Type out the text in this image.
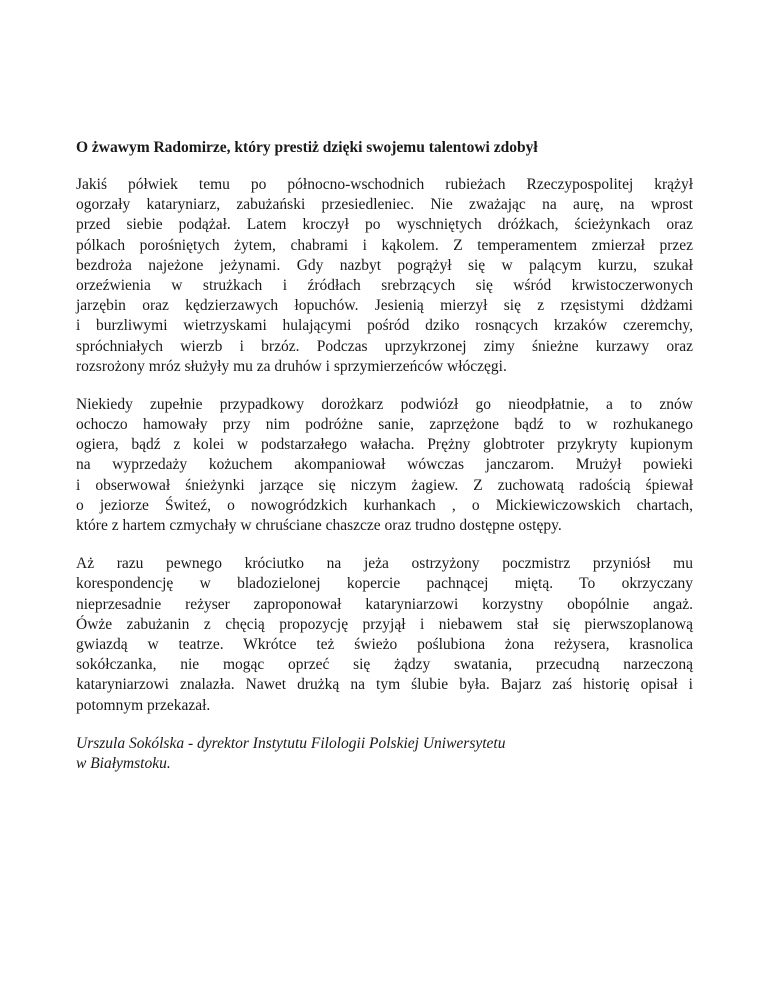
O żwawym Radomirze, który prestiż dzięki swojemu talentowi zdobył
Jakiś półwiek temu po północno-wschodnich rubieżach Rzeczypospolitej krążył
ogorzały kataryniarz, zabużański przesiedleniec. Nie zważając na aurę, na wprost
przed siebie podążał. Latem kroczył po wyschniętych dróżkach, ścieżynkach oraz
pólkach porośniętych żytem, chabrami i kąkolem. Z temperamentem zmierzał przez
bezdroża najeżone jeżynami. Gdy nazbyt pogrążył się w palącym kurzu, szukał
orzeźwienia w strużkach i źródłach srebrzących się wśród krwistoczerwonych
jarzębin oraz kędzierzawych łopuchów. Jesienią mierzył się z rzęsistymi dżdżami
i burzliwymi wietrzyskami hulającymi pośród dziko rosnących krzaków czeremchy,
spróchniałych wierzb i brzóz. Podczas uprzykrzonej zimy śnieżne kurzawy oraz
rozsrożony mróz służyły mu za druhów i sprzymierzeńców włóczęgi.
Niekiedy zupełnie przypadkowy dorożkarz podwiózł go nieodpłatnie, a to znów
ochoczo hamowały przy nim podróżne sanie, zaprzężone bądź to w rozhukanego
ogiera, bądź z kolei w podstarzałego wałacha. Prężny globtroter przykryty kupionym
na wyprzedaży kożuchem akompaniował wówczas janczarom. Mrużył powieki
i obserwował śnieżynki jarzące się niczym żagiew. Z zuchowatą radością śpiewał
o jeziorze Świteź, o nowogródzkich kurhankach , o Mickiewiczowskich chartach,
które z hartem czmychały w chruściane chaszcze oraz trudno dostępne ostępy.
Aż razu pewnego króciutko na jeża ostrzyżony poczmistrz przyniósł mu
korespondencję w bladozielonej kopercie pachnącej miętą. To okrzyczany
nieprzesadnie reżyser zaproponował kataryniarzowi korzystny obopólnie angaż.
Ówże zabużanin z chęcią propozycję przyjął i niebawem stał się pierwszoplanową
gwiazdą w teatrze. Wkrótce też świeżo poślubiona żona reżysera, krasnolica
sokółczanka, nie mogąc oprzeć się żądzy swatania, przecudną narzeczoną
kataryniarzowi znalazła. Nawet drużką na tym ślubie była. Bajarz zaś historię opisał i
potomnym przekazał.
Urszula Sokólska - dyrektor Instytutu Filologii Polskiej Uniwersytetu
w Białymstoku.
